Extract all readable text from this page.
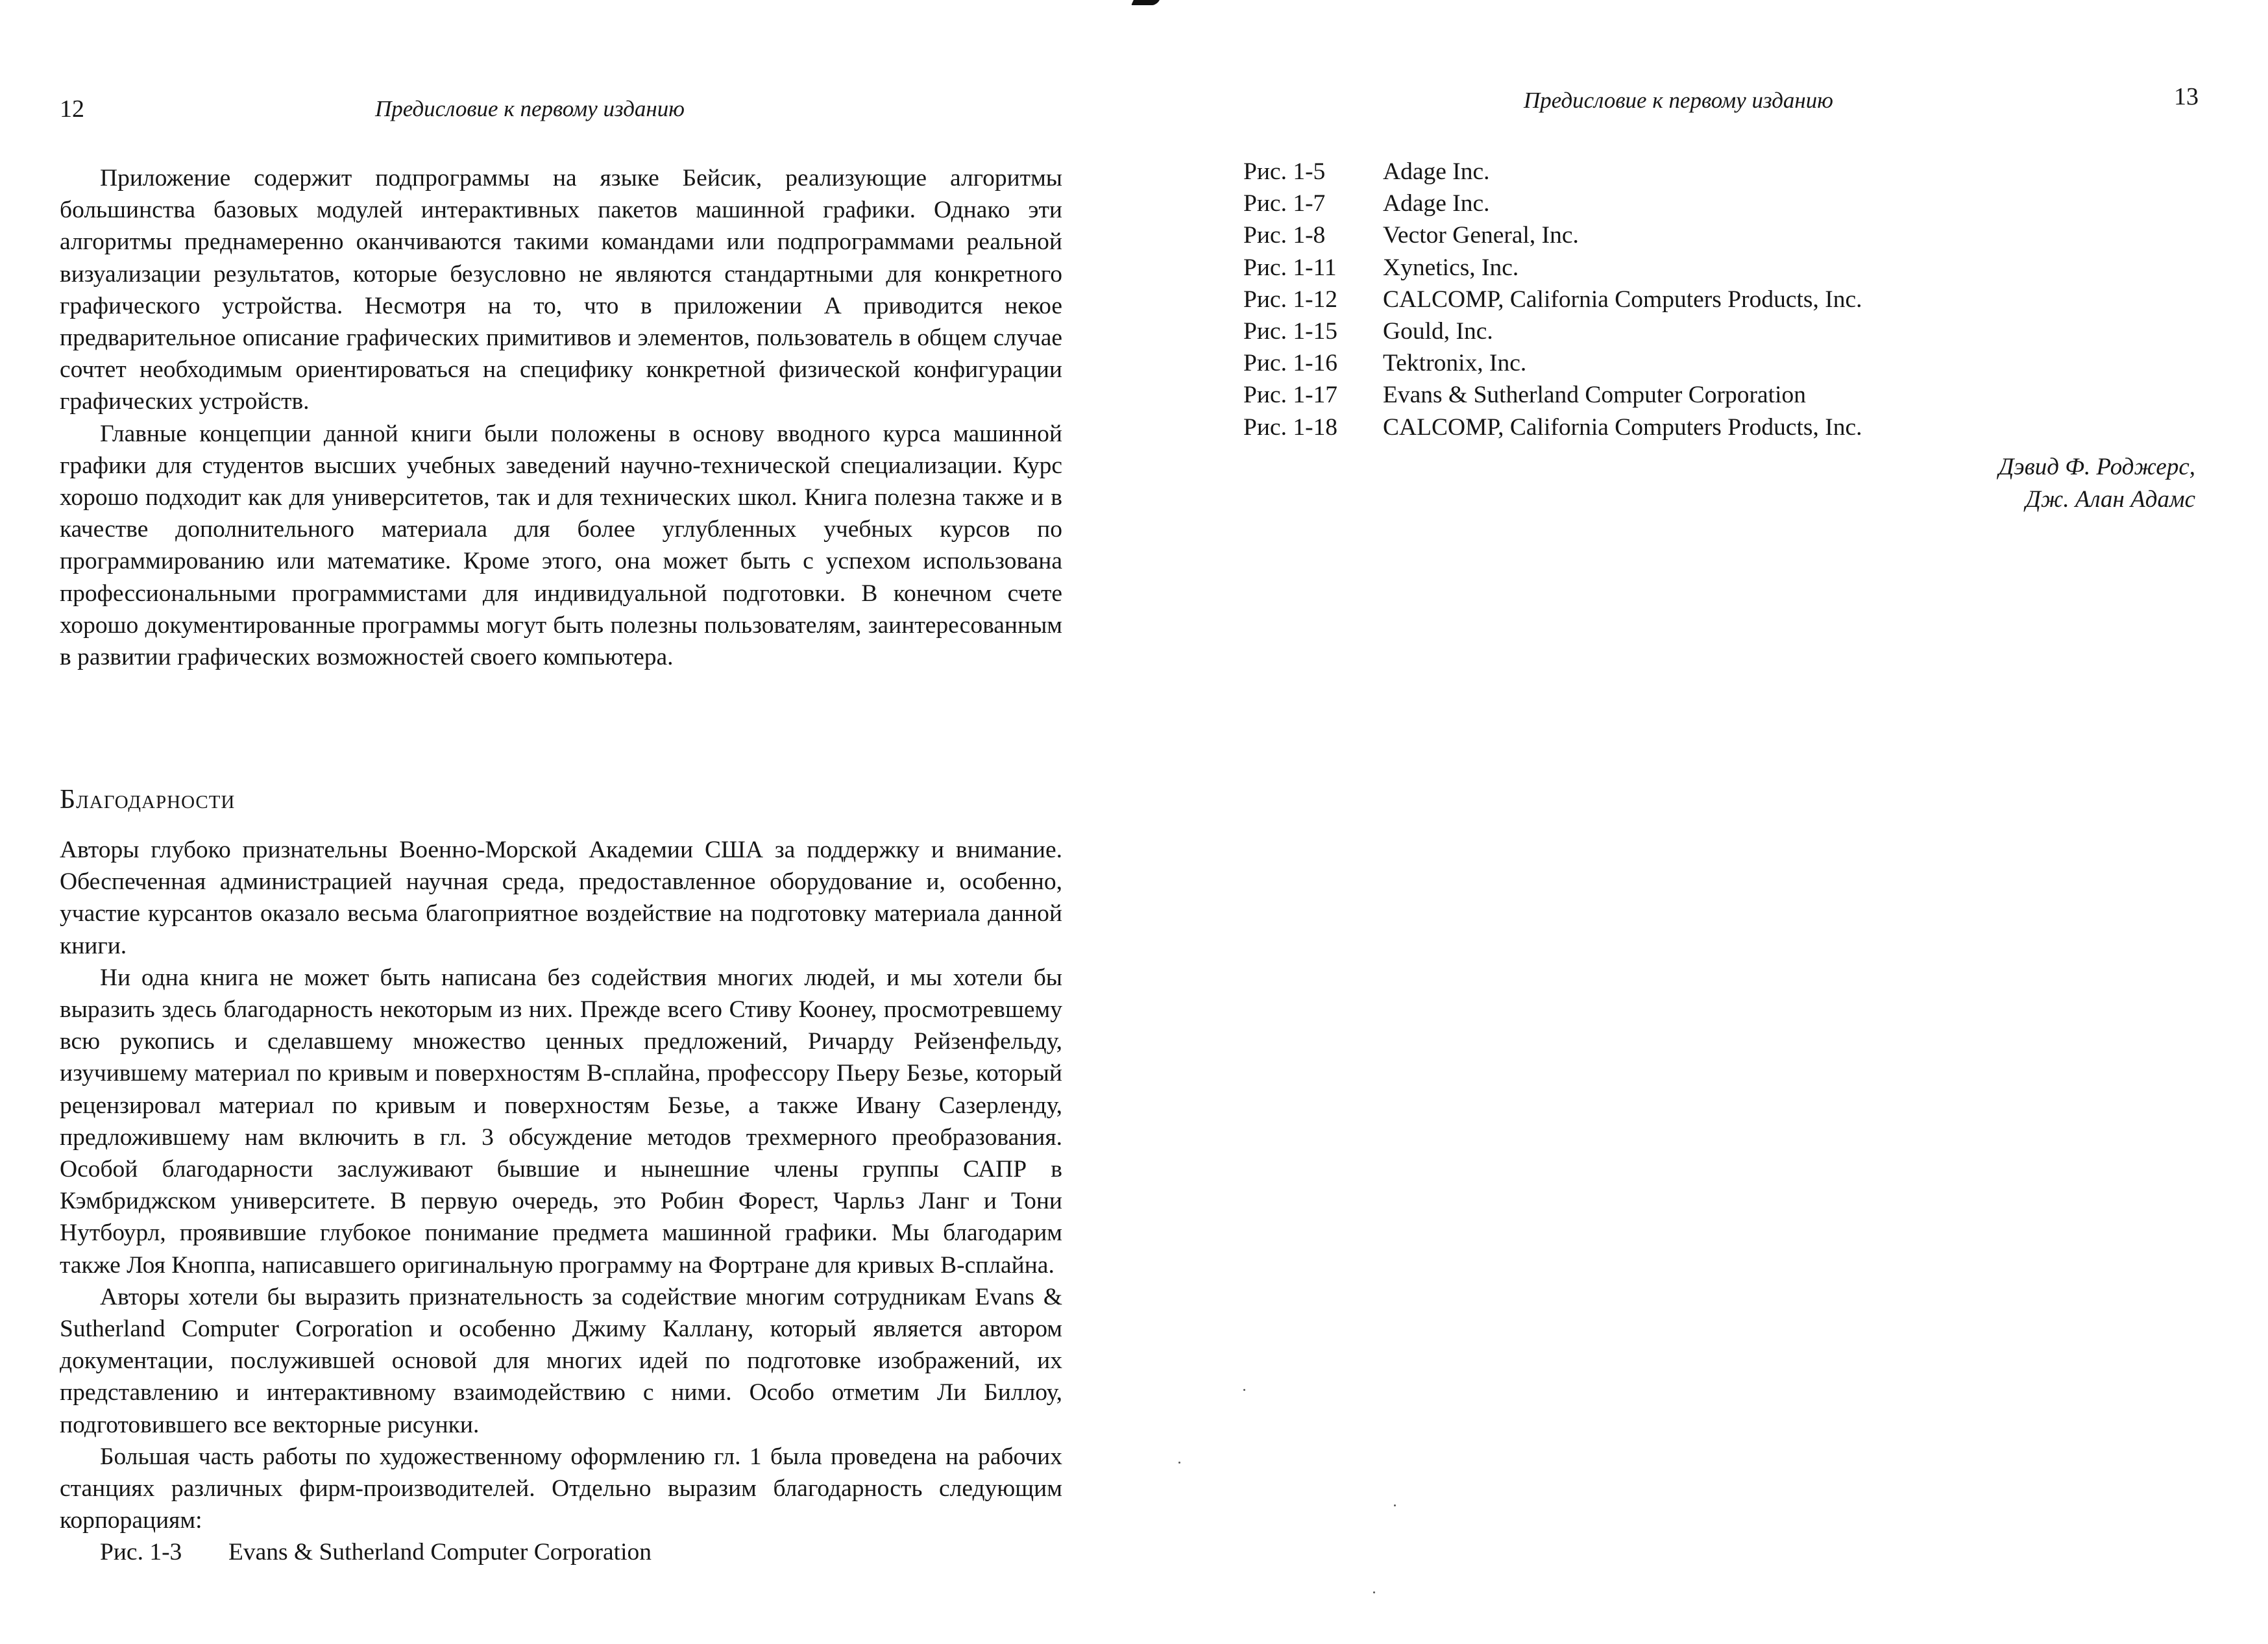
12	Предисловие к первому изданию

Приложение содержит подпрограммы на языке Бейсик, реализующие алгоритмы большинства базовых модулей интерактивных пакетов машинной графики. Однако эти алгоритмы преднамеренно оканчиваются такими командами или подпрограммами реальной визуализации результатов, которые безусловно не являются стандартными для конкретного графического устройства. Несмотря на то, что в приложении А приводится некое предварительное описание графических примитивов и элементов, пользователь в общем случае сочтет необходимым ориентироваться на специфику конкретной физической конфигурации графических устройств.

Главные концепции данной книги были положены в основу вводного курса машинной графики для студентов высших учебных заведений научно-технической специализации. Курс хорошо подходит как для университетов, так и для технических школ. Книга полезна также и в качестве дополнительного материала для более углубленных учебных курсов по программированию или математике. Кроме этого, она может быть с успехом использована профессиональными программистами для индивидуальной подготовки. В конечном счете хорошо документированные программы могут быть полезны пользователям, заинтересованным в развитии графических возможностей своего компьютера.

Благодарности

Авторы глубоко признательны Военно-Морской Академии США за поддержку и внимание. Обеспеченная администрацией научная среда, предоставленное оборудование и, особенно, участие курсантов оказало весьма благоприятное воздействие на подготовку материала данной книги.

Ни одна книга не может быть написана без содействия многих людей, и мы хотели бы выразить здесь благодарность некоторым из них. Прежде всего Стиву Коонеу, просмотревшему всю рукопись и сделавшему множество ценных предложений, Ричарду Рейзенфельду, изучившему материал по кривым и поверхностям В-сплайна, профессору Пьеру Безье, который рецензировал материал по кривым и поверхностям Безье, а также Ивану Сазерленду, предложившему нам включить в гл. 3 обсуждение методов трехмерного преобразования. Особой благодарности заслуживают бывшие и нынешние члены группы САПР в Кэмбриджском университете. В первую очередь, это Робин Форест, Чарльз Ланг и Тони Нутбоурл, проявившие глубокое понимание предмета машинной графики. Мы благодарим также Лоя Кноппа, написавшего оригинальную программу на Фортране для кривых В-сплайна.

Авторы хотели бы выразить признательность за содействие многим сотрудникам Evans & Sutherland Computer Corporation и особенно Джиму Каллану, который является автором документации, послужившей основой для многих идей по подготовке изображений, их представлению и интерактивному взаимодействию с ними. Особо отметим Ли Биллоу, подготовившего все векторные рисунки.

Большая часть работы по художественному оформлению гл. 1 была проведена на рабочих станциях различных фирм-производителей. Отдельно выразим благодарность следующим корпорациям:

Рис. 1-3 Evans & Sutherland Computer Corporation
Предисловие к первому изданию	13
Рис. 1-5 Adage Inc.
Рис. 1-7 Adage Inc.
Рис. 1-8 Vector General, Inc.
Рис. 1-11 Xynetics, Inc.
Рис. 1-12 CALCOMP, California Computers Products, Inc.
Рис. 1-15 Gould, Inc.
Рис. 1-16 Tektronix, Inc.
Рис. 1-17 Evans & Sutherland Computer Corporation
Рис. 1-18 CALCOMP, California Computers Products, Inc.
Дэвид Ф. Роджерс,
Дж. Алан Адамс
